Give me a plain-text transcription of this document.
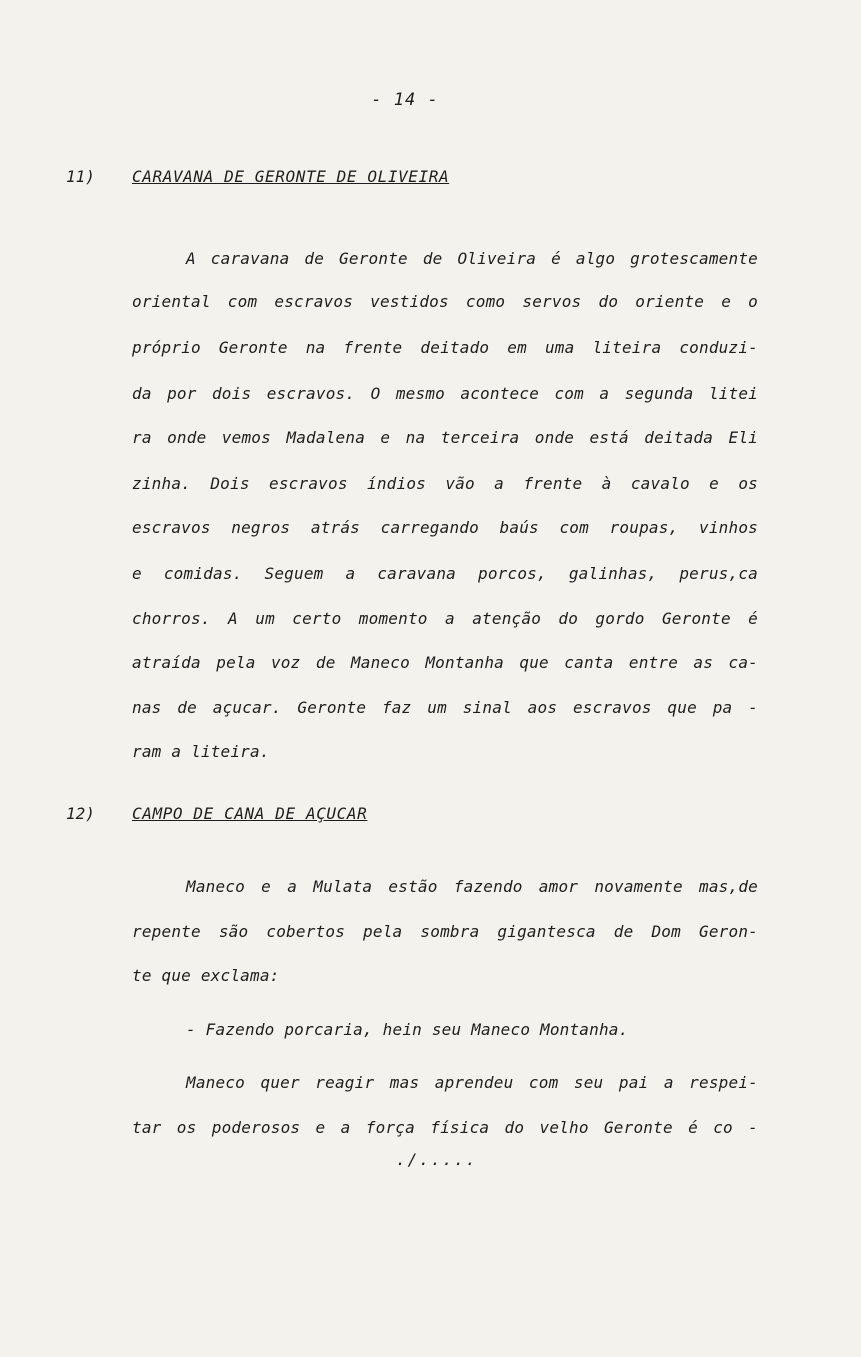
- 14 -
11) CARAVANA DE GERONTE DE OLIVEIRA
A caravana de Geronte de Oliveira é algo grotescamente
oriental com escravos vestidos como servos do oriente e o
próprio Geronte na frente deitado em uma liteira conduzi-
da por dois escravos. O mesmo acontece com a segunda litei
ra onde vemos Madalena e na terceira onde está deitada Eli
zinha. Dois escravos índios vão a frente à cavalo e os
escravos negros atrás carregando baús com roupas, vinhos
e comidas. Seguem a caravana porcos, galinhas, perus,ca
chorros. A um certo momento a atenção do gordo Geronte é
atraída pela voz de Maneco Montanha que canta entre as ca-
nas de açucar. Geronte faz um sinal aos escravos que pa -
ram a liteira.
12) CAMPO DE CANA DE AÇUCAR
Maneco e a Mulata estão fazendo amor novamente mas,de
repente são cobertos pela sombra gigantesca de Dom Geron-
te que exclama:
- Fazendo porcaria, hein seu Maneco Montanha.
Maneco quer reagir mas aprendeu com seu pai a respei-
tar os poderosos e a força física do velho Geronte é co -
./.....
